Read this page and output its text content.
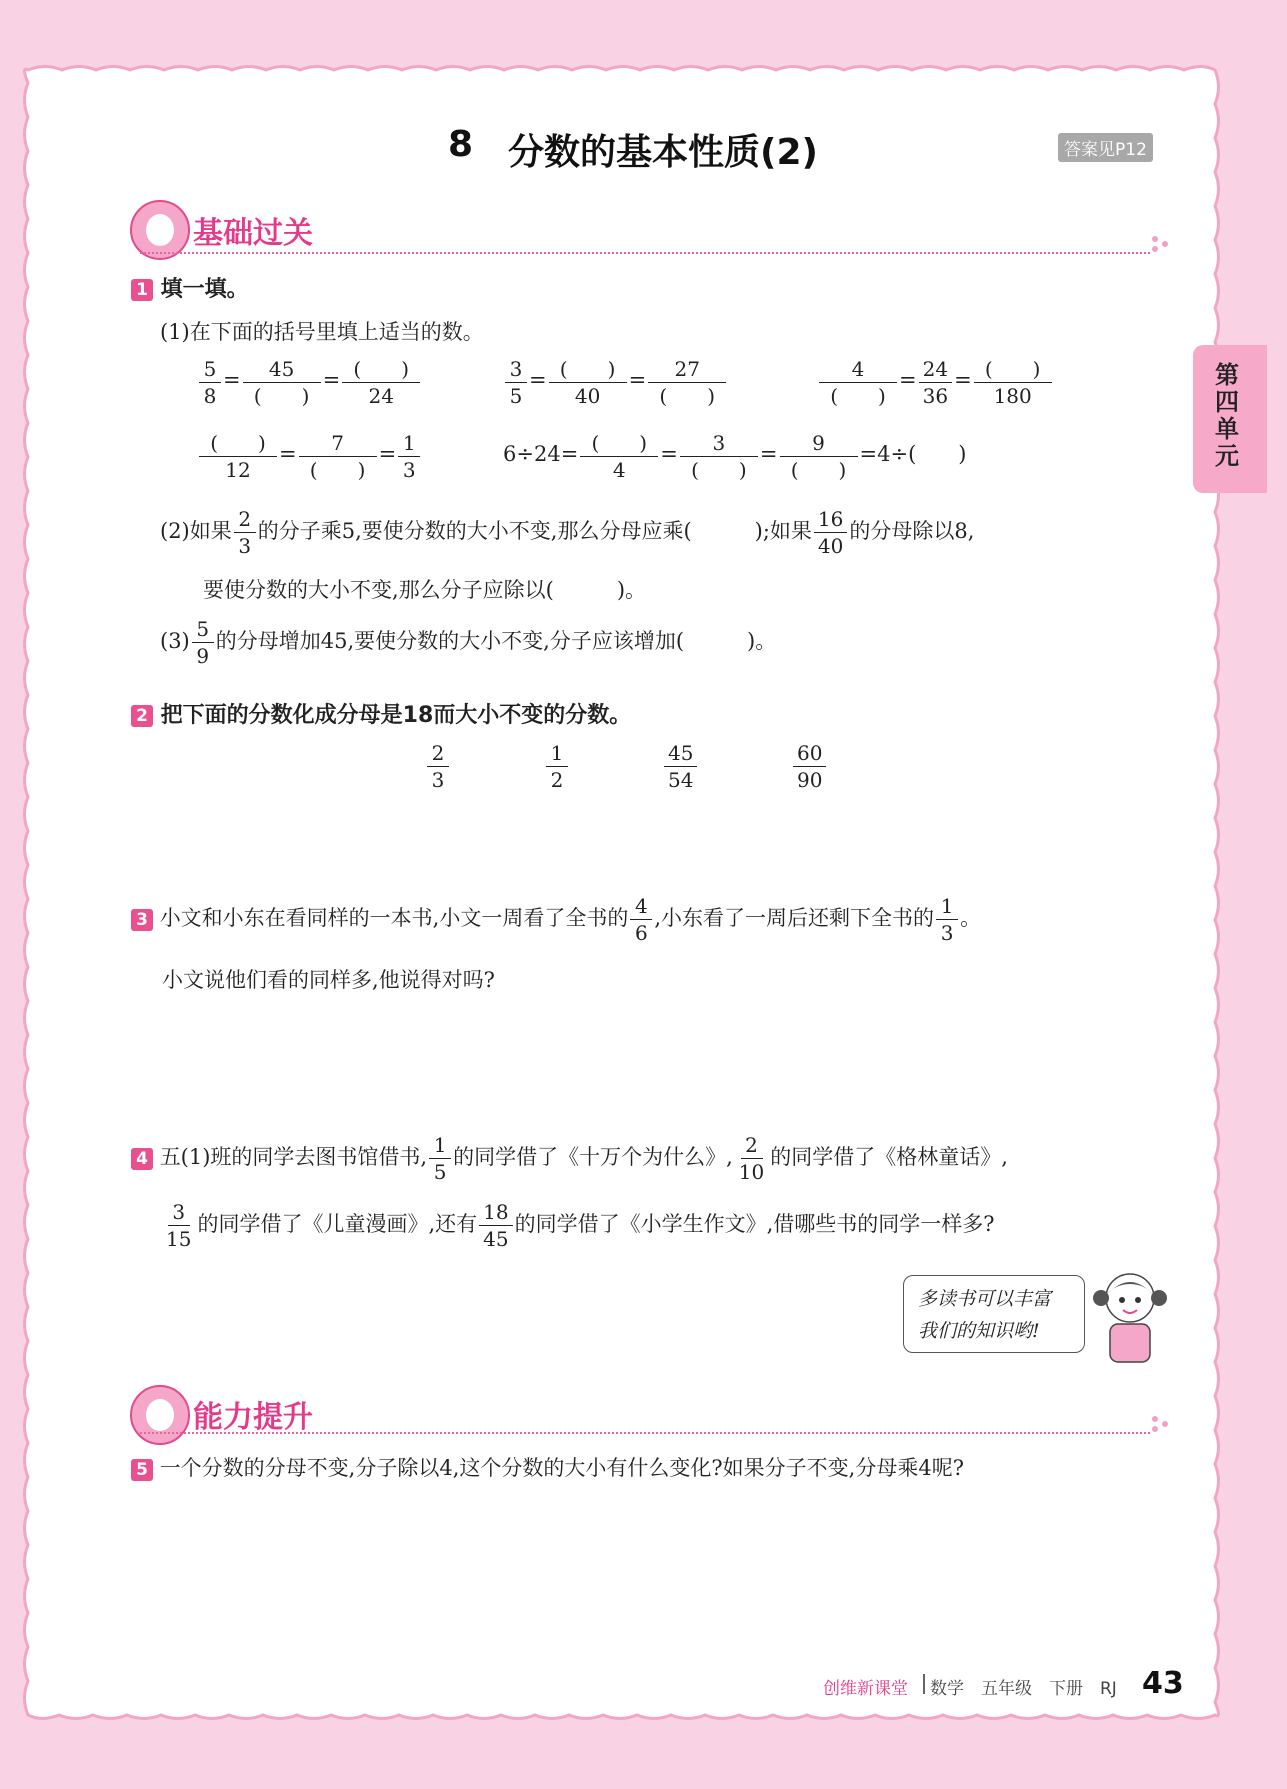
8 分数的基本性质(2)	答案见P12
第四单元
基础过关
1 填一填。
(1)在下面的括号里填上适当的数。
$\frac{5}{8} = \frac{45}{( )} = \frac{( )}{24}$	$\frac{3}{5} = \frac{( )}{40} = \frac{27}{( )}$	$\frac{4}{( )} = \frac{24}{36} = \frac{( )}{180}$
$\frac{( )}{12} = \frac{7}{( )} = \frac{1}{3}$	$6\div 24= \frac{( )}{4} = \frac{3}{( )} = \frac{9}{( )} =4\div$(　　)
(2)如果 $\frac{2}{3}$ 的分子乘5,要使分数的大小不变,那么分母应乘(　　　);如果 $\frac{16}{40}$ 的分母除以8,
要使分数的大小不变,那么分子应除以(　　　)。
$(3) \frac{5}{9}$ 的分母增加45,要使分数的大小不变,分子应该增加(　　　)。
2 把下面的分数化成分母是18而大小不变的分数。
$\frac{2}{3}$	$\frac{1}{2}$	$\frac{45}{54}$	$\frac{60}{90}$
3 小文和小东在看同样的一本书,小文一周看了全书的 $\frac{4}{6}$ ,小东看了一周后还剩下全书的 $\frac{1}{3}$ 。
小文说他们看的同样多,他说得对吗?
4 五(1)班的同学去图书馆借书, $\frac{1}{5}$ 的同学借了《十万个为什么》, $\frac{2}{10}$ 的同学借了《格林童话》,
$\frac{3}{15}$ 的同学借了《儿童漫画》,还有 $\frac{18}{45}$ 的同学借了《小学生作文》,借哪些书的同学一样多?
多读书可以丰富
我们的知识哟!
能力提升
5 一个分数的分母不变,分子除以4,这个分数的大小有什么变化?如果分子不变,分母乘4呢?
创维新课堂 数学　五年级　下册　RJ 43
